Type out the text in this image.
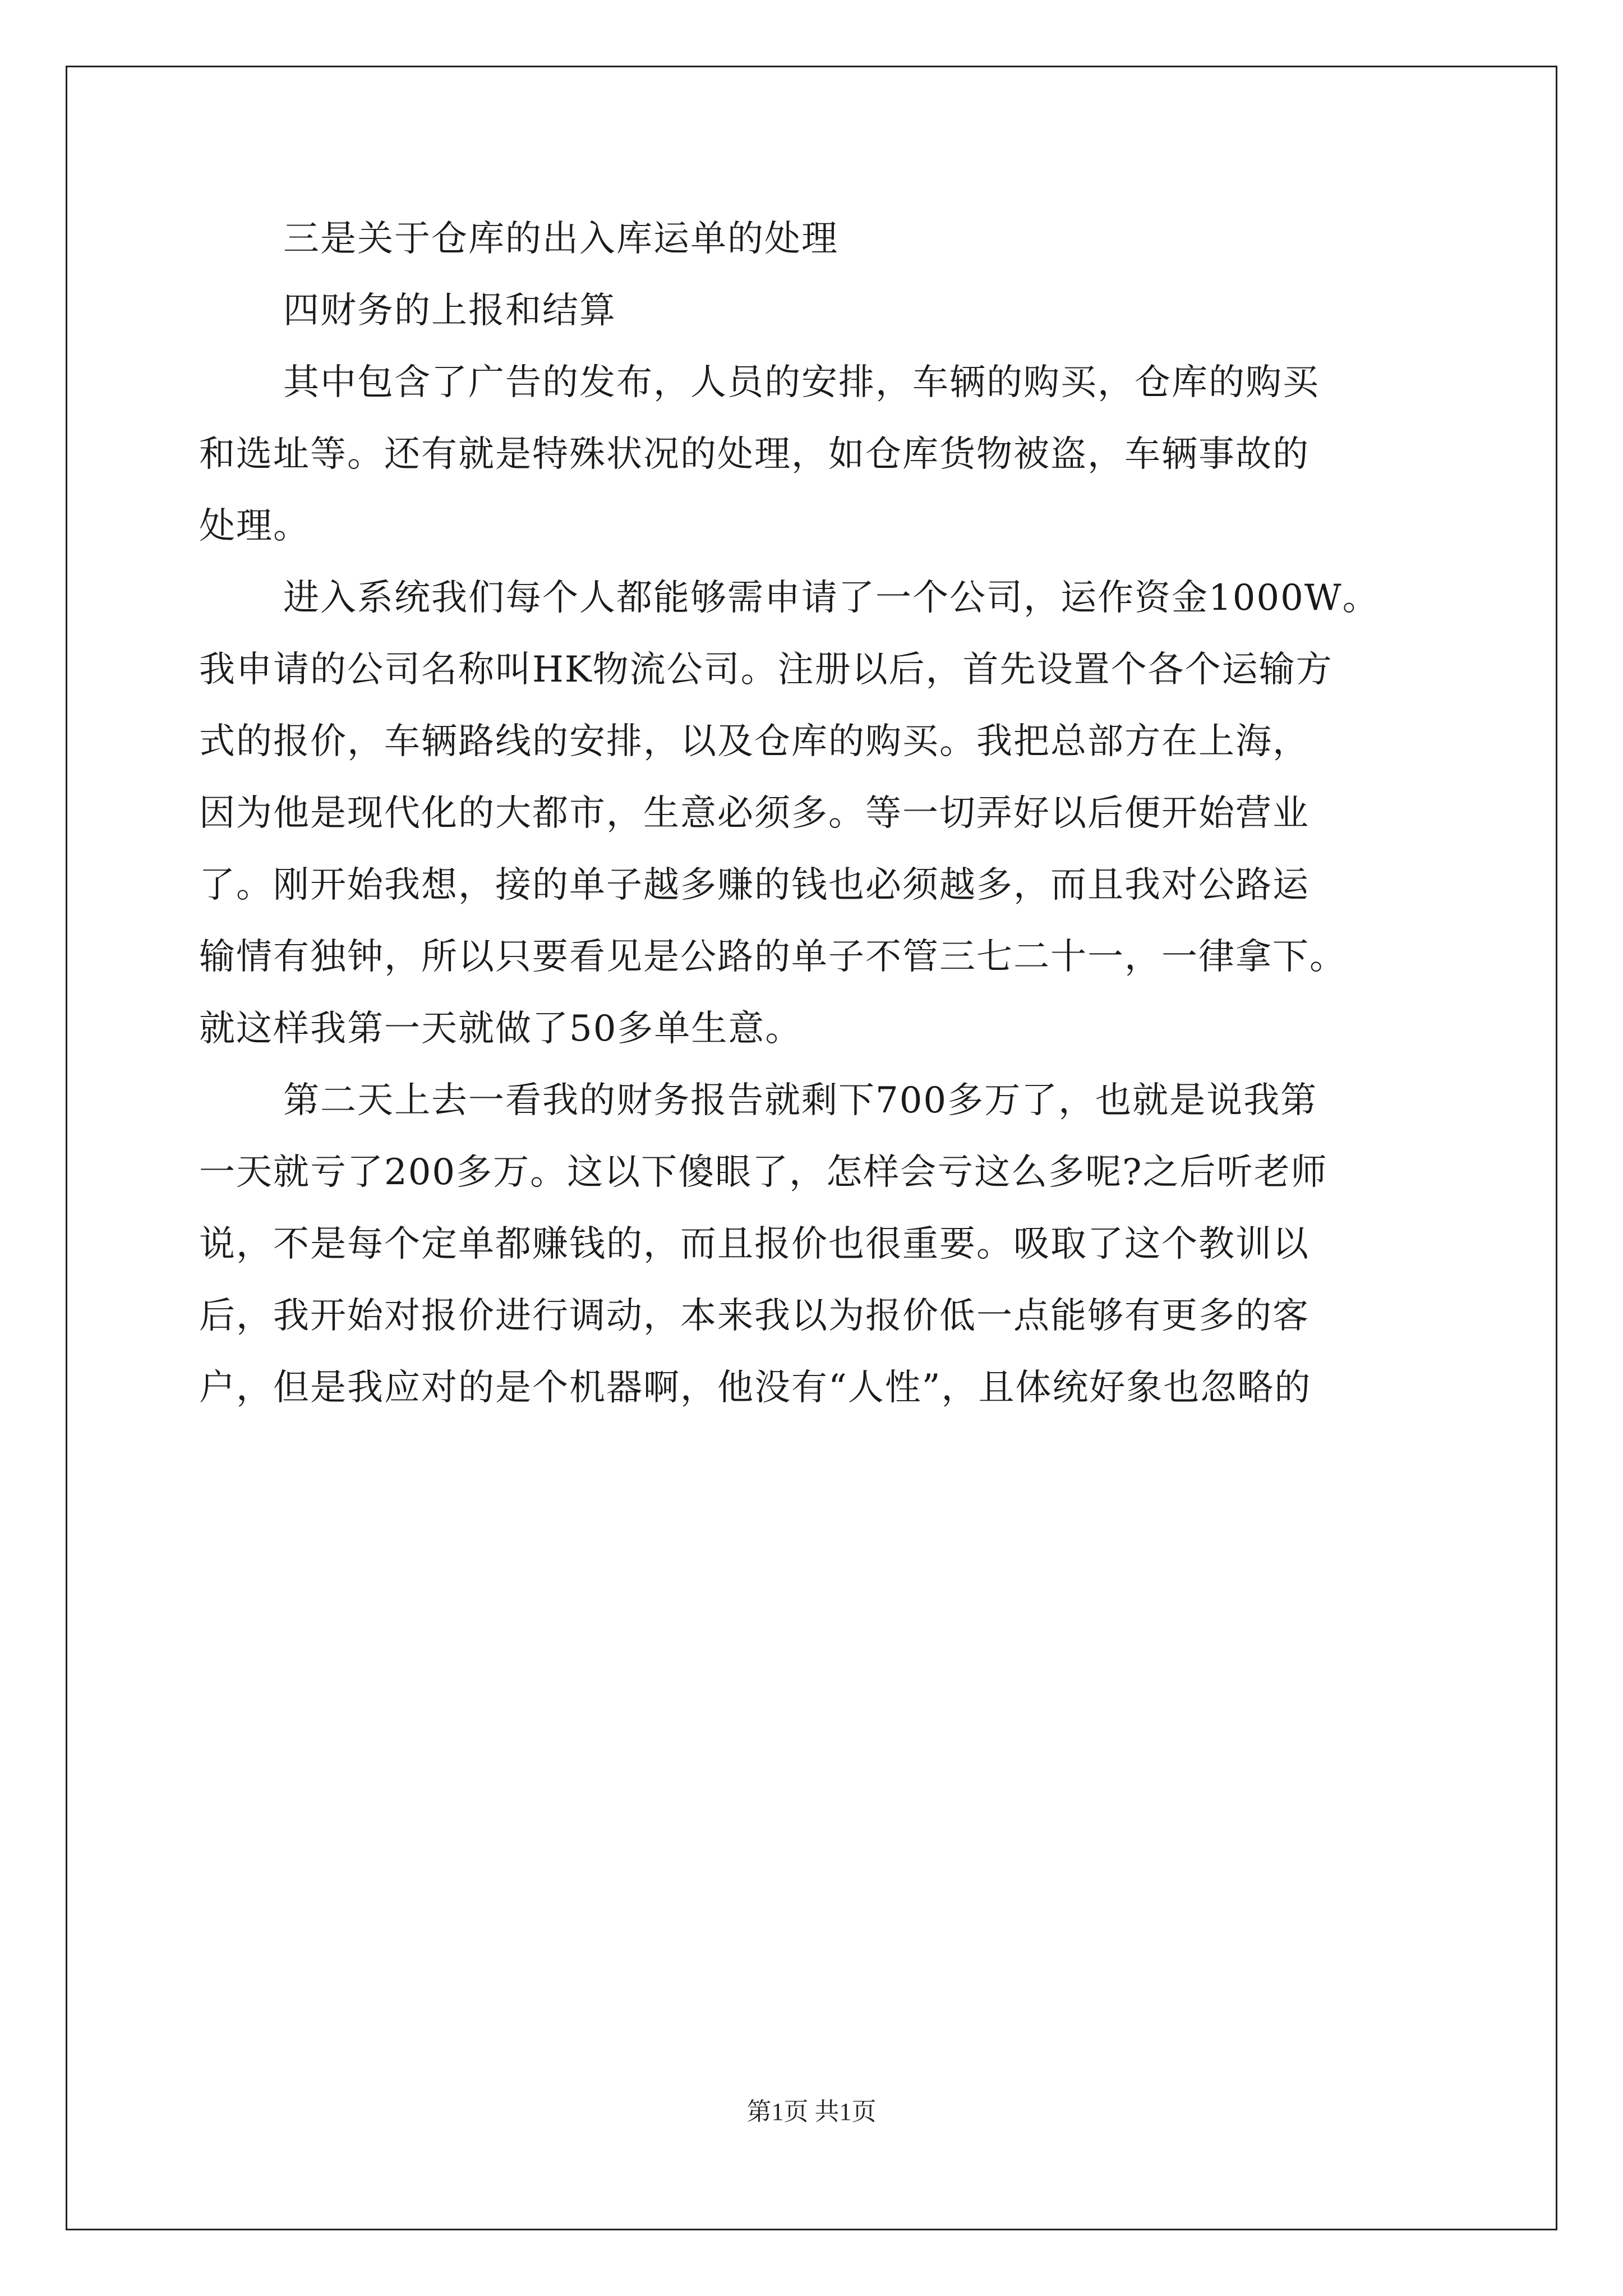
三是关于仓库的出入库运单的处理
四财务的上报和结算
其中包含了广告的发布，人员的安排，车辆的购买，仓库的购买
和选址等。还有就是特殊状况的处理，如仓库货物被盗，车辆事故的
处理。
进入系统我们每个人都能够需申请了一个公司，运作资金1000W。
我申请的公司名称叫HK物流公司。注册以后，首先设置个各个运输方
式的报价，车辆路线的安排，以及仓库的购买。我把总部方在上海，
因为他是现代化的大都市，生意必须多。等一切弄好以后便开始营业
了。刚开始我想，接的单子越多赚的钱也必须越多，而且我对公路运
输情有独钟，所以只要看见是公路的单子不管三七二十一，一律拿下。
就这样我第一天就做了50多单生意。
第二天上去一看我的财务报告就剩下700多万了，也就是说我第
一天就亏了200多万。这以下傻眼了，怎样会亏这么多呢?之后听老师
说，不是每个定单都赚钱的，而且报价也很重要。吸取了这个教训以
后，我开始对报价进行调动，本来我以为报价低一点能够有更多的客
户，但是我应对的是个机器啊，他没有“人性”，且体统好象也忽略的
第1页 共1页
